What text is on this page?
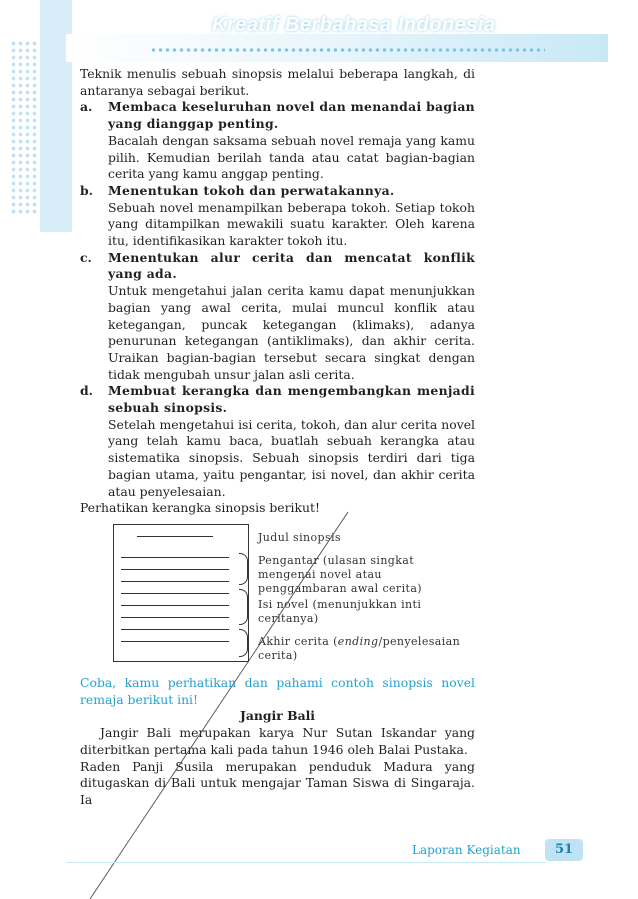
Kreatif Berbahasa Indonesia

Teknik menulis sebuah sinopsis melalui beberapa langkah, di antaranya sebagai berikut.

a. Membaca keseluruhan novel dan menandai bagian yang dianggap penting.

Bacalah dengan saksama sebuah novel remaja yang kamu pilih. Kemudian berilah tanda atau catat bagian-bagian cerita yang kamu anggap penting.

b. Menentukan tokoh dan perwatakannya.

Sebuah novel menampilkan beberapa tokoh. Setiap tokoh yang ditampilkan mewakili suatu karakter. Oleh karena itu, identifikasikan karakter tokoh itu.

c. Menentukan alur cerita dan mencatat konflik yang ada.

Untuk mengetahui jalan cerita kamu dapat menunjukkan bagian yang awal cerita, mulai muncul konflik atau ketegangan, puncak ketegangan (klimaks), adanya penurunan ketegangan (antiklimaks), dan akhir cerita. Uraikan bagian-bagian tersebut secara singkat dengan tidak mengubah unsur jalan asli cerita.

d. Membuat kerangka dan mengembangkan menjadi sebuah sinopsis.

Setelah mengetahui isi cerita, tokoh, dan alur cerita novel yang telah kamu baca, buatlah sebuah kerangka atau sistematika sinopsis. Sebuah sinopsis terdiri dari tiga bagian utama, yaitu pengantar, isi novel, dan akhir cerita atau penyelesaian.

Perhatikan kerangka sinopsis berikut!

Judul sinopsis
Pengantar (ulasan singkat mengenai novel atau penggambaran awal cerita)
Isi novel (menunjukkan inti ceritanya)
Akhir cerita (ending/penyelesaian cerita)

Coba, kamu perhatikan dan pahami contoh sinopsis novel remaja berikut ini!

Jangir Bali

Jangir Bali merupakan karya Nur Sutan Iskandar yang diterbitkan pertama kali pada tahun 1946 oleh Balai Pustaka.

Raden Panji Susila merupakan penduduk Madura yang ditugaskan di Bali untuk mengajar Taman Siswa di Singaraja. Ia

Laporan Kegiatan	51
